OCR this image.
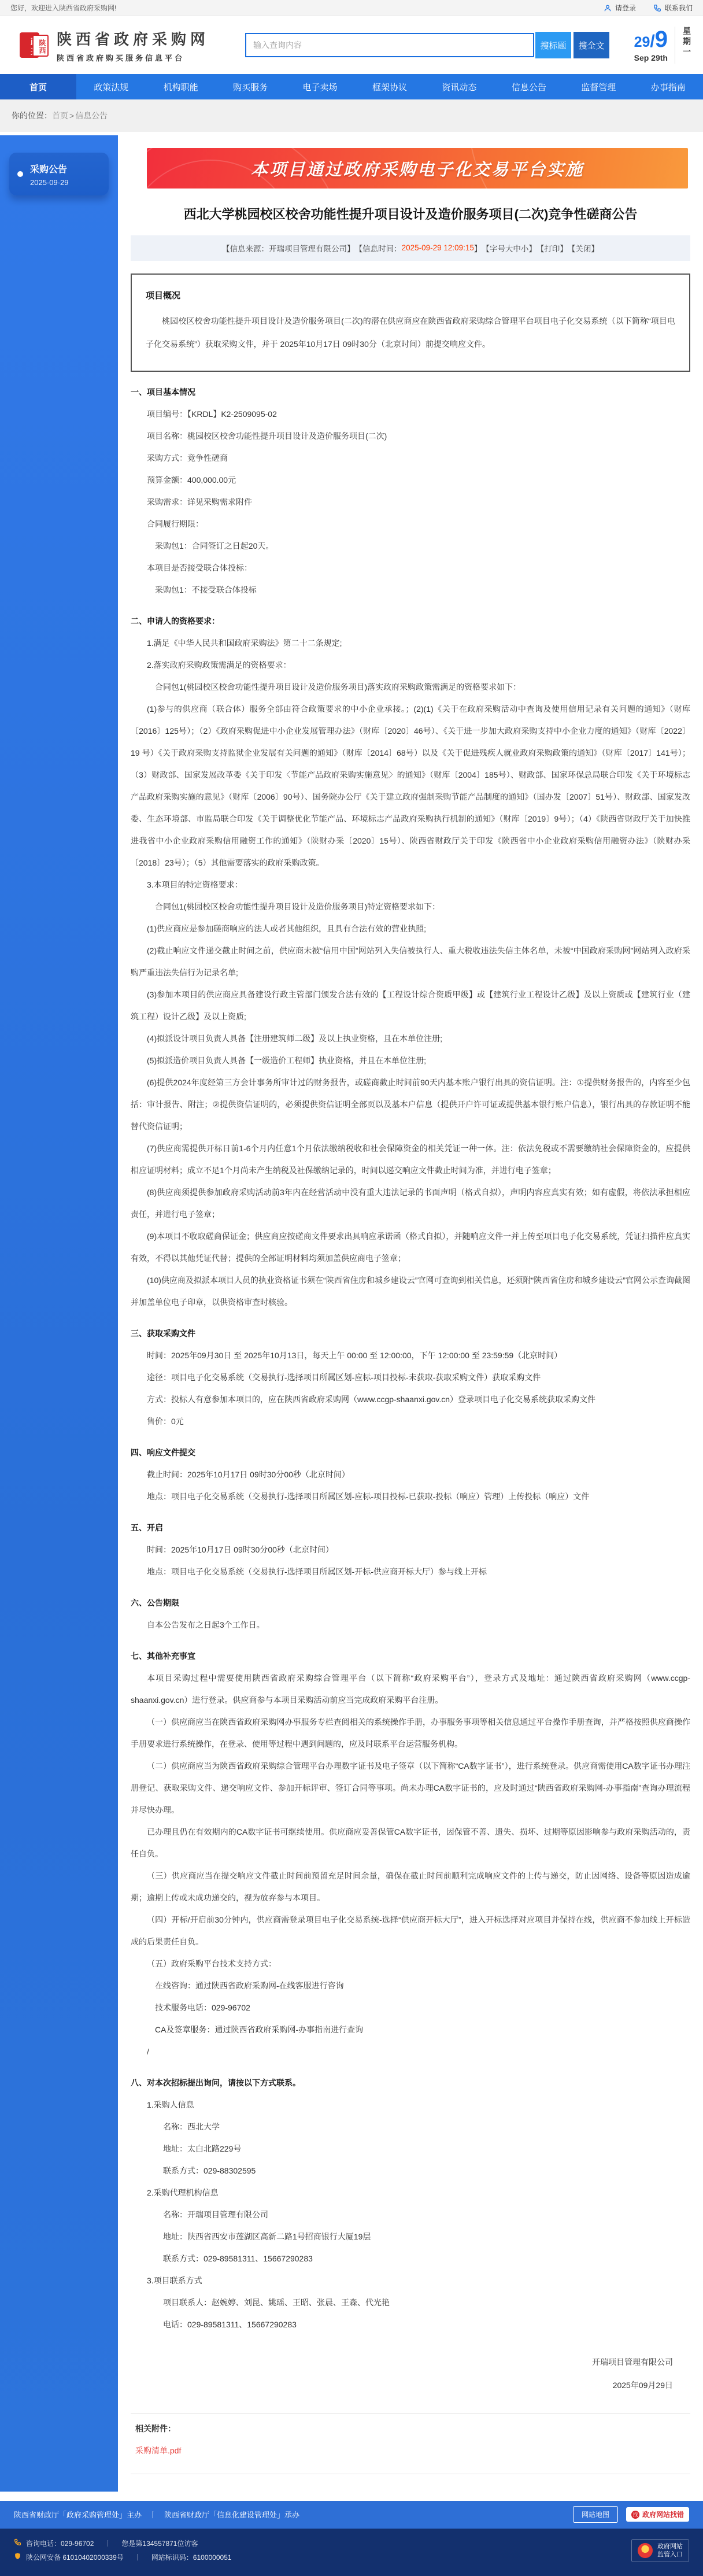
您好，欢迎进入陕西省政府采购网!	请登录	联系我们
陕西 陕西省政府采购网
陕西省政府购买服务信息平台
输入查询内容
搜标题	搜全文	29/9
Sep 29th	星期一
首页	政策法规	机构职能	购买服务	电子卖场	框架协议	资讯动态	信息公告	监督管理	办事指南
你的位置： 首页 > 信息公告
采购公告
2025-09-29
本项目通过政府采购电子化交易平台实施
西北大学桃园校区校舍功能性提升项目设计及造价服务项目(二次)竞争性磋商公告
【信息来源：开瑞项目管理有限公司】 【信息时间： 2025-09-29 12:09:15 】 【字号 大 中 小 】 【打印】 【关闭】
项目概况

桃园校区校舍功能性提升项目设计及造价服务项目(二次)的潜在供应商应在陕西省政府采购综合管理平台项目电子化交易系统（以下简称“项目电子化交易系统”）获取采购文件，并于 2025年10月17日 09时30分（北京时间）前提交响应文件。

一、项目基本情况

项目编号：【KRDL】K2-2509095-02

项目名称：桃园校区校舍功能性提升项目设计及造价服务项目(二次)

采购方式：竞争性磋商

预算金额：400,000.00元

采购需求：详见采购需求附件

合同履行期限：

采购包1：合同签订之日起20天。

本项目是否接受联合体投标：

采购包1：不接受联合体投标

二、申请人的资格要求：

1.满足《中华人民共和国政府采购法》第二十二条规定;

2.落实政府采购政策需满足的资格要求：

合同包1(桃园校区校舍功能性提升项目设计及造价服务项目)落实政府采购政策需满足的资格要求如下：

(1)参与的供应商（联合体）服务全部由符合政策要求的中小企业承接。；(2)(1)《关于在政府采购活动中查询及使用信用记录有关问题的通知》（财库〔2016〕125号）；（2）《政府采购促进中小企业发展管理办法》（财库〔2020〕46号）、《关于进一步加大政府采购支持中小企业力度的通知》（财库〔2022〕19 号）《关于政府采购支持监狱企业发展有关问题的通知》（财库〔2014〕68号）以及《关于促进残疾人就业政府采购政策的通知》（财库〔2017〕141号）；（3）财政部、国家发展改革委《关于印发〈节能产品政府采购实施意见〉的通知》（财库〔2004〕185号）、财政部、国家环保总局联合印发《关于环境标志产品政府采购实施的意见》（财库〔2006〕90号）、国务院办公厅《关于建立政府强制采购节能产品制度的通知》（国办发〔2007〕51号）、财政部、国家发改委、生态环境部、市监局联合印发《关于调整优化节能产品、环境标志产品政府采购执行机制的通知》（财库〔2019〕9号）；（4）《陕西省财政厅关于加快推进我省中小企业政府采购信用融资工作的通知》（陕财办采〔2020〕15号）、陕西省财政厅关于印发《陕西省中小企业政府采购信用融资办法》（陕财办采〔2018〕23号）；（5）其他需要落实的政府采购政策。

3.本项目的特定资格要求：

合同包1(桃园校区校舍功能性提升项目设计及造价服务项目)特定资格要求如下：

(1)供应商应是参加磋商响应的法人或者其他组织，且具有合法有效的营业执照;

(2)截止响应文件递交截止时间之前，供应商未被“信用中国”网站列入失信被执行人、重大税收违法失信主体名单，未被“中国政府采购网”网站列入政府采购严重违法失信行为记录名单;

(3)参加本项目的供应商应具备建设行政主管部门颁发合法有效的【工程设计综合资质甲级】或【建筑行业工程设计乙级】及以上资质或【建筑行业（建筑工程）设计乙级】及以上资质;

(4)拟派设计项目负责人具备【注册建筑师二级】及以上执业资格，且在本单位注册;

(5)拟派造价项目负责人具备【一级造价工程师】执业资格，并且在本单位注册;

(6)提供2024年度经第三方会计事务所审计过的财务报告，或磋商截止时间前90天内基本账户银行出具的资信证明。注：①提供财务报告的，内容至少包括：审计报告、附注；②提供资信证明的，必须提供资信证明全部页以及基本户信息（提供开户许可证或提供基本银行账户信息），银行出具的存款证明不能替代资信证明；

(7)供应商需提供开标日前1-6个月内任意1个月依法缴纳税收和社会保障资金的相关凭证一种一体。注：依法免税或不需要缴纳社会保障资金的，应提供相应证明材料；成立不足1个月尚未产生纳税及社保缴纳记录的，时间以递交响应文件截止时间为准，并进行电子签章；

(8)供应商须提供参加政府采购活动前3年内在经营活动中没有重大违法记录的书面声明（格式自拟），声明内容应真实有效；如有虚假，将依法承担相应责任，并进行电子签章；

(9)本项目不收取磋商保证金；供应商应按磋商文件要求出具响应承诺函（格式自拟），并随响应文件一并上传至项目电子化交易系统，凭证扫描件应真实有效，不得以其他凭证代替；提供的全部证明材料均须加盖供应商电子签章；

(10)供应商及拟派本项目人员的执业资格证书须在“陕西省住房和城乡建设云”官网可查询到相关信息，还须附“陕西省住房和城乡建设云”官网公示查询截图并加盖单位电子印章，以供资格审查时核验。

三、获取采购文件

时间：2025年09月30日 至 2025年10月13日，每天上午 00:00 至 12:00:00，下午 12:00:00 至 23:59:59（北京时间）

途径：项目电子化交易系统（交易执行-选择项目所属区划-应标-项目投标-未获取-获取采购文件）获取采购文件

方式：投标人有意参加本项目的，应在陕西省政府采购网（www.ccgp-shaanxi.gov.cn）登录项目电子化交易系统获取采购文件

售价：0元

四、响应文件提交

截止时间：2025年10月17日 09时30分00秒（北京时间）

地点：项目电子化交易系统（交易执行-选择项目所属区划-应标-项目投标-已获取-投标（响应）管理）上传投标（响应）文件

五、开启

时间：2025年10月17日 09时30分00秒（北京时间）

地点：项目电子化交易系统（交易执行-选择项目所属区划-开标-供应商开标大厅）参与线上开标

六、公告期限

自本公告发布之日起3个工作日。

七、其他补充事宜

本项目采购过程中需要使用陕西省政府采购综合管理平台（以下简称“政府采购平台”），登录方式及地址：通过陕西省政府采购网（www.ccgp-shaanxi.gov.cn）进行登录。供应商参与本项目采购活动前应当完成政府采购平台注册。

（一）供应商应当在陕西省政府采购网办事服务专栏查阅相关的系统操作手册，办事服务事项等相关信息通过平台操作手册查询，并严格按照供应商操作手册要求进行系统操作，在登录、使用等过程中遇到问题的，应及时联系平台运营服务机构。

（二）供应商应当为陕西省政府采购综合管理平台办理数字证书及电子签章（以下简称“CA数字证书”），进行系统登录。供应商需使用CA数字证书办理注册登记、获取采购文件、递交响应文件、参加开标评审、签订合同等事项。尚未办理CA数字证书的，应及时通过“陕西省政府采购网-办事指南”查询办理流程并尽快办理。

已办理且仍在有效期内的CA数字证书可继续使用。供应商应妥善保管CA数字证书，因保管不善、遗失、损坏、过期等原因影响参与政府采购活动的，责任自负。

（三）供应商应当在提交响应文件截止时间前预留充足时间余量，确保在截止时间前顺利完成响应文件的上传与递交，防止因网络、设备等原因造成逾期；逾期上传或未成功递交的，视为放弃参与本项目。

（四）开标/开启前30分钟内，供应商需登录项目电子化交易系统-选择“供应商开标大厅”，进入开标选择对应项目并保持在线，供应商不参加线上开标造成的后果责任自负。

（五）政府采购平台技术支持方式：

在线咨询：通过陕西省政府采购网-在线客服进行咨询

技术服务电话：029-96702

CA及签章服务：通过陕西省政府采购网-办事指南进行查询

/

八、对本次招标提出询问，请按以下方式联系。

1.采购人信息

名称：西北大学

地址：太白北路229号

联系方式：029-88302595

2.采购代理机构信息

名称：开瑞项目管理有限公司

地址：陕西省西安市莲湖区高新二路1号招商银行大厦19层

联系方式：029-89581311、15667290283

3.项目联系方式

项目联系人：赵婉婷、刘昆、姚瑶、王昭、张晨、王森、代光艳

电话：029-89581311、15667290283

开瑞项目管理有限公司
2025年09月29日
相关附件：
采购清单.pdf
陕西省财政厅「政府采购管理处」主办　丨　陕西省财政厅「信息化建设管理处」承办	网站地图	找 政府网站找错
咨询电话：029-96702 丨 您是第134557871位访客
陕公网安备 61010402000339号 丨 网站标识码：6100000051
政府网站
监管入口
